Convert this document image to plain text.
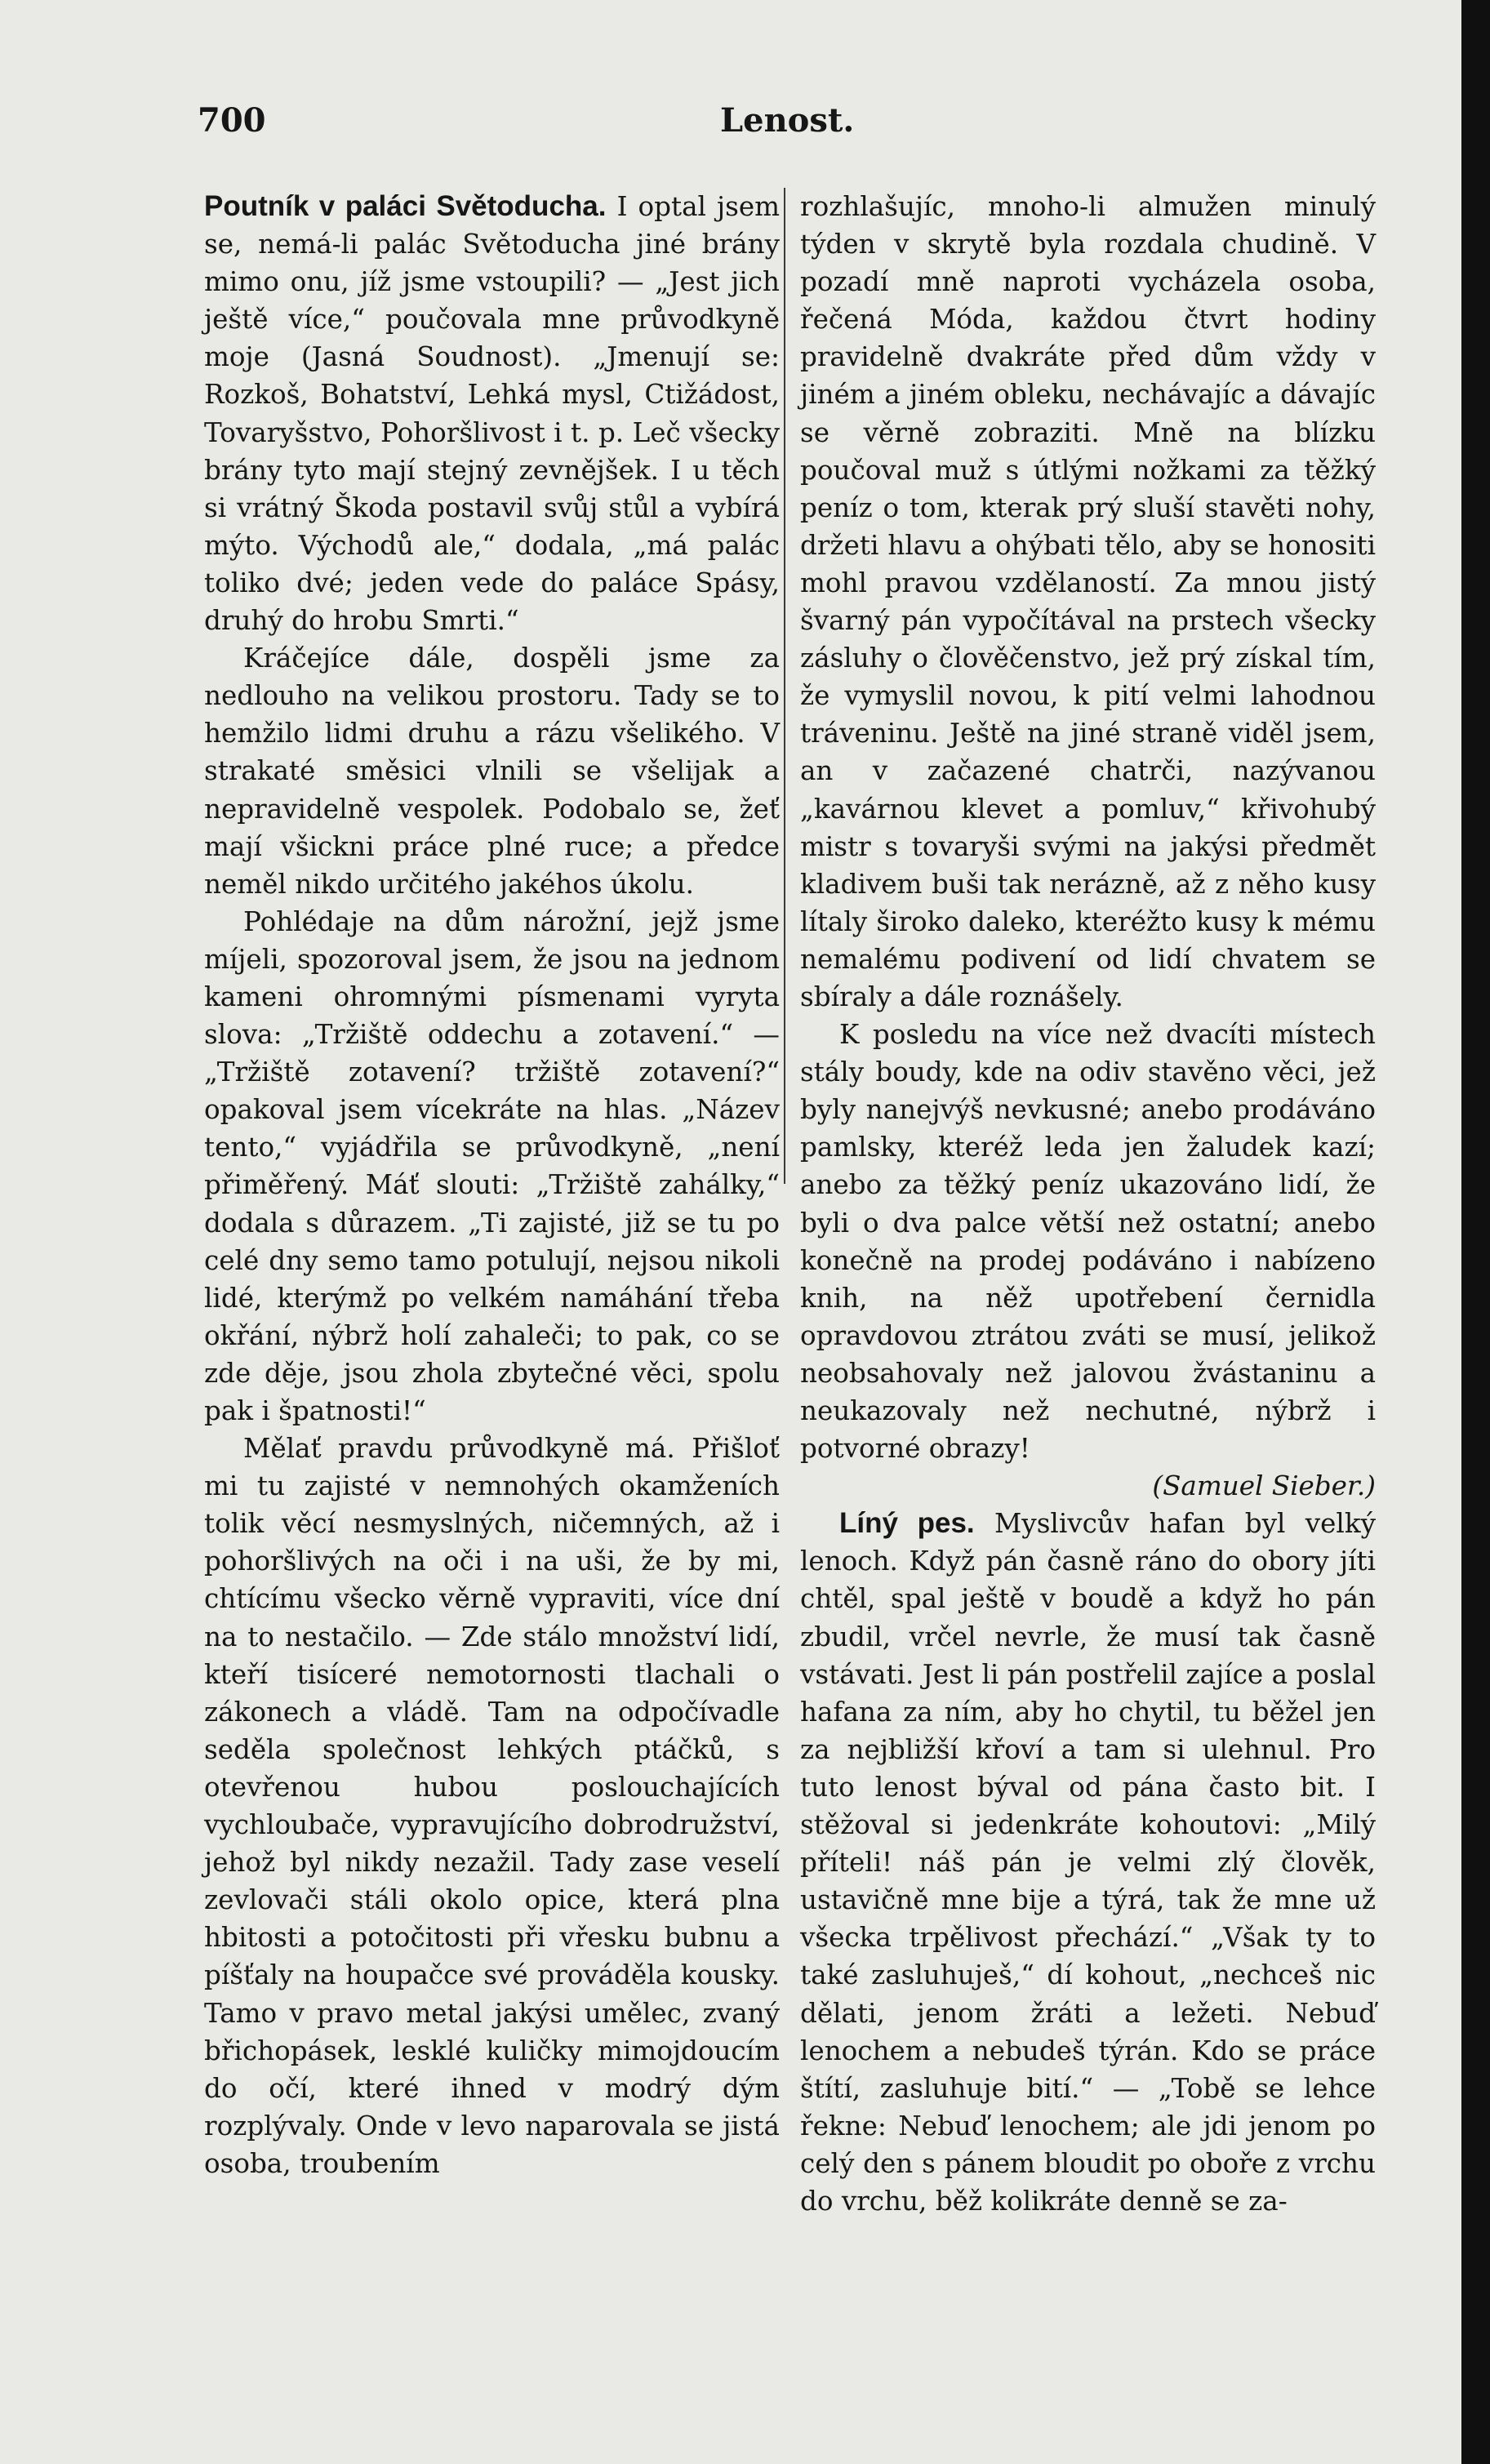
700	Lenost.

Poutník v paláci Světoducha. I optal jsem se, nemá-li palác Světoducha jiné brány mimo onu, jíž jsme vstoupili? — „Jest jich ještě více,“ poučovala mne průvodkyně moje (Jasná Soudnost). „Jmenují se: Rozkoš, Bohatství, Lehká mysl, Ctižádost, Tovaryšstvo, Pohoršlivost i t. p. Leč všecky brány tyto mají stejný zevnějšek. I u těch si vrátný Škoda postavil svůj stůl a vybírá mýto. Východů ale,“ dodala, „má palác toliko dvé; jeden vede do paláce Spásy, druhý do hrobu Smrti.“

Kráčejíce dále, dospěli jsme za nedlouho na velikou prostoru. Tady se to hemžilo lidmi druhu a rázu všelikého. V strakaté směsici vlnili se všelijak a nepravidelně vespolek. Podobalo se, žeť mají všickni práce plné ruce; a předce neměl nikdo určitého jakéhos úkolu.

Pohlédaje na dům nárožní, jejž jsme míjeli, spozoroval jsem, že jsou na jednom kameni ohromnými písmenami vyryta slova: „Tržiště oddechu a zotavení.“ — „Tržiště zotavení? tržiště zotavení?“ opakoval jsem vícekráte na hlas. „Název tento,“ vyjádřila se průvodkyně, „není přiměřený. Máť slouti: „Tržiště zahálky,“ dodala s důrazem. „Ti zajisté, již se tu po celé dny semo tamo potulují, nejsou nikoli lidé, kterýmž po velkém namáhání třeba okřání, nýbrž holí zahaleči; to pak, co se zde děje, jsou zhola zbytečné věci, spolu pak i špatnosti!“

Mělať pravdu průvodkyně má. Přišloť mi tu zajisté v nemnohých okamženích tolik věcí nesmyslných, ničemných, až i pohoršlivých na oči i na uši, že by mi, chtícímu všecko věrně vypraviti, více dní na to nestačilo. — Zde stálo množství lidí, kteří tisíceré nemotornosti tlachali o zákonech a vládě. Tam na odpočívadle seděla společnost lehkých ptáčků, s otevřenou hubou poslouchajících vychloubače, vypravujícího dobrodružství, jehož byl nikdy nezažil. Tady zase veselí zevlovači stáli okolo opice, která plna hbitosti a potočitosti při vřesku bubnu a píšťaly na houpačce své prováděla kousky. Tamo v pravo metal jakýsi umělec, zvaný břichopásek, lesklé kuličky mimojdoucím do očí, které ihned v modrý dým rozplývaly. Onde v levo naparovala se jistá osoba, troubením

rozhlašujíc, mnoho-li almužen minulý týden v skrytě byla rozdala chudině. V pozadí mně naproti vycházela osoba, řečená Móda, každou čtvrt hodiny pravidelně dvakráte před dům vždy v jiném a jiném obleku, nechávajíc a dávajíc se věrně zobraziti. Mně na blízku poučoval muž s útlými nožkami za těžký peníz o tom, kterak prý sluší stavěti nohy, držeti hlavu a ohýbati tělo, aby se honositi mohl pravou vzdělaností. Za mnou jistý švarný pán vypočítával na prstech všecky zásluhy o člověčenstvo, jež prý získal tím, že vymyslil novou, k pití velmi lahodnou tráveninu. Ještě na jiné straně viděl jsem, an v začazené chatrči, nazývanou „kavárnou klevet a pomluv,“ křivohubý mistr s tovaryši svými na jakýsi předmět kladivem buši tak nerázně, až z něho kusy lítaly široko daleko, kteréžto kusy k mému nemalému podivení od lidí chvatem se sbíraly a dále roznášely.

K posledu na více než dvacíti místech stály boudy, kde na odiv stavěno věci, jež byly nanejvýš nevkusné; anebo prodáváno pamlsky, kteréž leda jen žaludek kazí; anebo za těžký peníz ukazováno lidí, že byli o dva palce větší než ostatní; anebo konečně na prodej podáváno i nabízeno knih, na něž upotřebení černidla opravdovou ztrátou zváti se musí, jelikož neobsahovaly než jalovou žvástaninu a neukazovaly než nechutné, nýbrž i potvorné obrazy!

(Samuel Sieber.)

Líný pes. Myslivcův hafan byl velký lenoch. Když pán časně ráno do obory jíti chtěl, spal ještě v boudě a když ho pán zbudil, vrčel nevrle, že musí tak časně vstávati. Jest li pán postřelil zajíce a poslal hafana za ním, aby ho chytil, tu běžel jen za nejbližší křoví a tam si ulehnul. Pro tuto lenost býval od pána často bit. I stěžoval si jedenkráte kohoutovi: „Milý příteli! náš pán je velmi zlý člověk, ustavičně mne bije a týrá, tak že mne už všecka trpělivost přechází.“ „Však ty to také zasluhuješ,“ dí kohout, „nechceš nic dělati, jenom žráti a ležeti. Nebuď lenochem a nebudeš týrán. Kdo se práce štítí, zasluhuje bití.“ — „Tobě se lehce řekne: Nebuď lenochem; ale jdi jenom po celý den s pánem bloudit po oboře z vrchu do vrchu, běž kolikráte denně se za-
